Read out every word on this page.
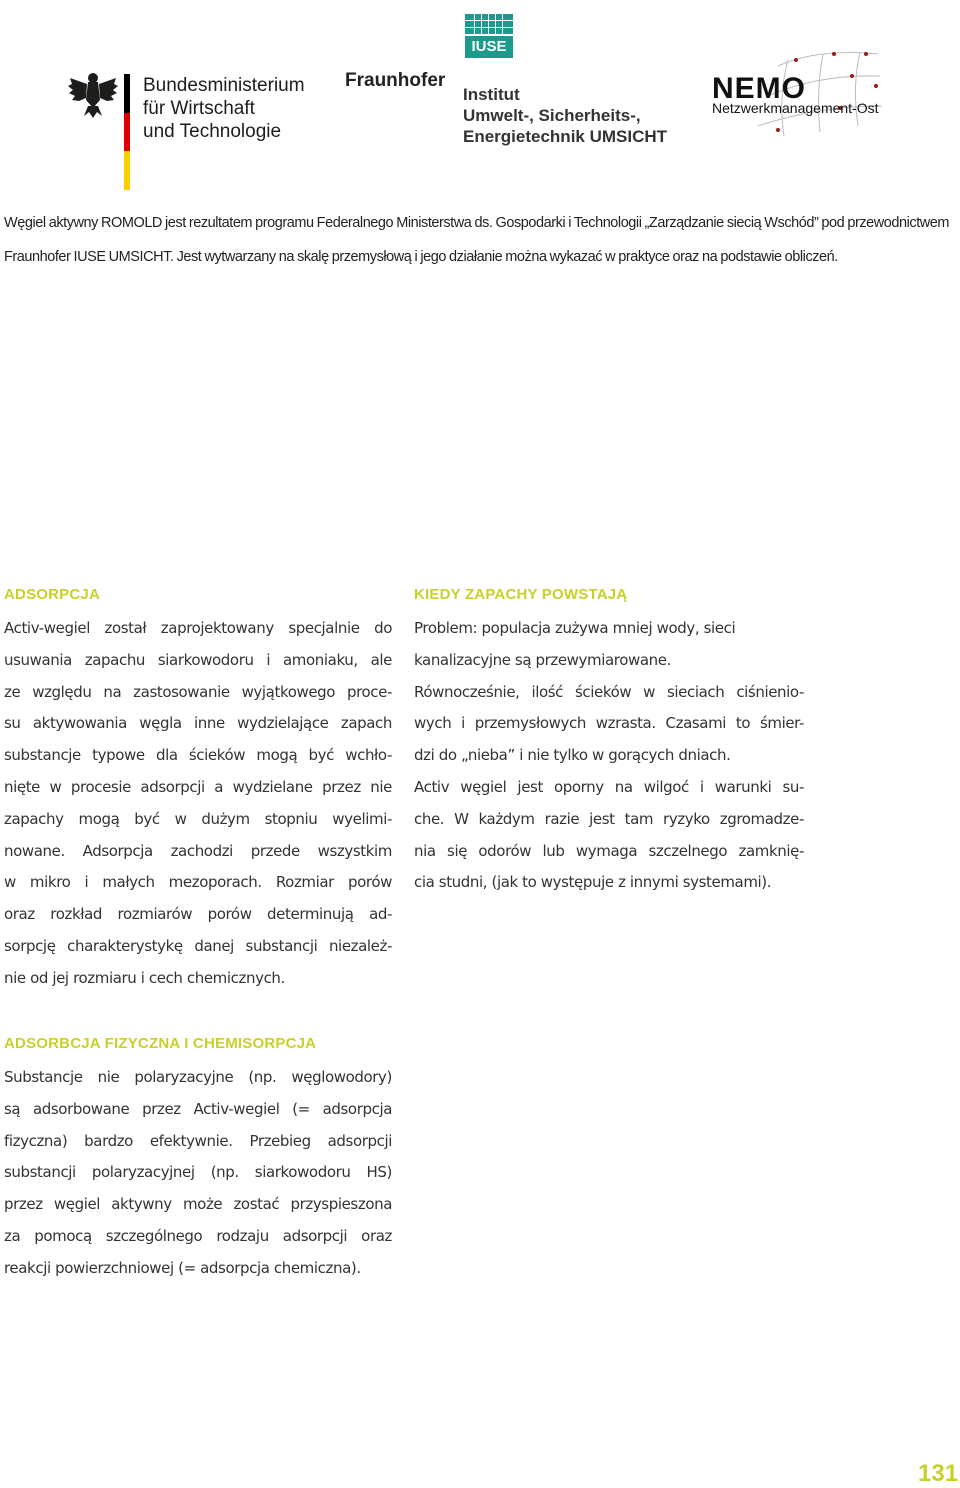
Bundesministerium
für Wirtschaft
und Technologie
IUSE
Fraunhofer
Institut
Umwelt-, Sicherheits-,
Energietechnik UMSICHT
NEMO
Netzwerkmanagement-Ost
Węgiel aktywny ROMOLD jest rezultatem programu Federalnego Ministerstwa ds. Gospodarki i Technologii „Zarządzanie siecią Wschód” pod przewodnictwem
Fraunhofer IUSE UMSICHT. Jest wytwarzany na skalę przemysłową i jego działanie można wykazać w praktyce oraz na podstawie obliczeń.
ADSORPCJA
Activ-wegiel został zaprojektowany specjalnie do
usuwania zapachu siarkowodoru i amoniaku, ale
ze względu na zastosowanie wyjątkowego proce-
su aktywowania węgla inne wydzielające zapach
substancje typowe dla ścieków mogą być wchło-
nięte w procesie adsorpcji a wydzielane przez nie
zapachy mogą być w dużym stopniu wyelimi-
nowane. Adsorpcja zachodzi przede wszystkim
w mikro i małych mezoporach. Rozmiar porów
oraz rozkład rozmiarów porów determinują ad-
sorpcję charakterystykę danej substancji niezależ-
nie od jej rozmiaru i cech chemicznych.
KIEDY ZAPACHY POWSTAJĄ
Problem: populacja zużywa mniej wody, sieci
kanalizacyjne są przewymiarowane.
Równocześnie, ilość ścieków w sieciach ciśnienio-
wych i przemysłowych wzrasta. Czasami to śmier-
dzi do „nieba” i nie tylko w gorących dniach.
Activ węgiel jest oporny na wilgoć i warunki su-
che. W każdym razie jest tam ryzyko zgromadze-
nia się odorów lub wymaga szczelnego zamknię-
cia studni, (jak to występuje z innymi systemami).
ADSORBCJA FIZYCZNA I CHEMISORPCJA
Substancje nie polaryzacyjne (np. węglowodory)
są adsorbowane przez Activ-wegiel (= adsorpcja
fizyczna) bardzo efektywnie. Przebieg adsorpcji
substancji polaryzacyjnej (np. siarkowodoru HS)
przez węgiel aktywny może zostać przyspieszona
za pomocą szczególnego rodzaju adsorpcji oraz
reakcji powierzchniowej (= adsorpcja chemiczna).
131
